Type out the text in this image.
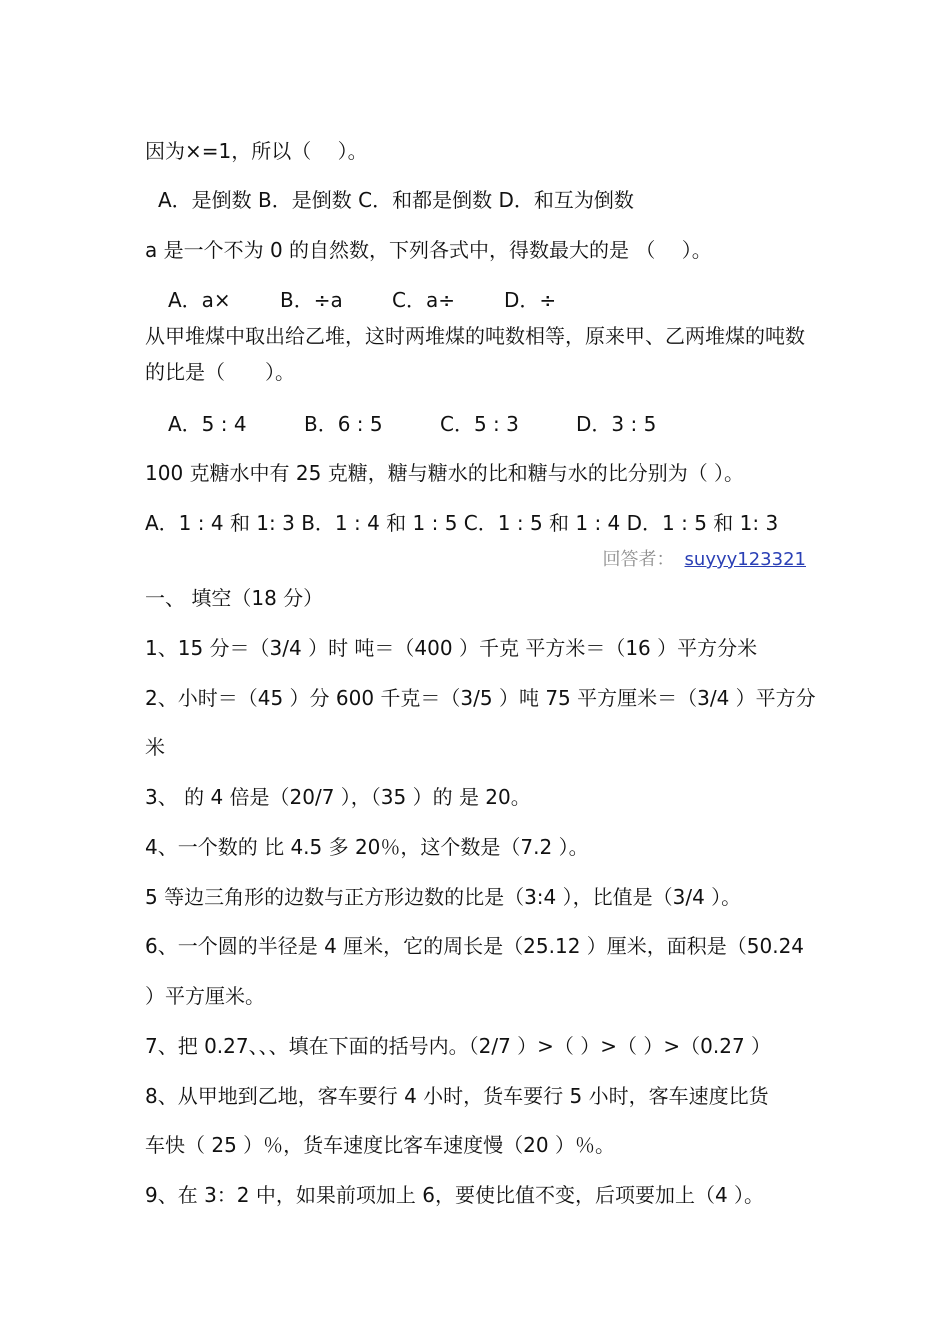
因为×=1，所以（　 ）。
A．是倒数 B．是倒数 C．和都是倒数 D．和互为倒数
a 是一个不为 0 的自然数，下列各式中，得数最大的是 （　 ）。
A．a× B．÷a C．a÷ D．÷
从甲堆煤中取出给乙堆，这时两堆煤的吨数相等，原来甲、乙两堆煤的吨数的比是（　　）。
A．5 : 4	B．6 : 5	C．5 : 3	D．3 : 5
100 克糖水中有 25 克糖，糖与糖水的比和糖与水的比分别为（ ）。
A．1 : 4 和 1: 3 B．1 : 4 和 1 : 5 C．1 : 5 和 1 : 4 D．1 : 5 和 1: 3
回答者： suyyy123321
一、 填空（18 分）
1、15 分＝（3/4 ）时 吨＝（400 ）千克 平方米＝（16 ）平方分米
2、小时＝（45 ）分 600 千克＝（3/5 ）吨 75 平方厘米＝（3/4 ）平方分
米
3、 的 4 倍是（20/7 ），（35 ）的 是 20。
4、一个数的 比 4.5 多 20％，这个数是（7.2 ）。
5 等边三角形的边数与正方形边数的比是（3:4 ），比值是（3/4 ）。
6、一个圆的半径是 4 厘米，它的周长是（25.12 ）厘米，面积是（50.24
）平方厘米。
7、把 0.27、、、填在下面的括号内。（2/7 ）>（ ）>（ ）>（0.27 ）
8、从甲地到乙地，客车要行 4 小时，货车要行 5 小时，客车速度比货
车快（ 25 ）％，货车速度比客车速度慢（20 ）％。
9、在 3：2 中，如果前项加上 6，要使比值不变，后项要加上（4 ）。
